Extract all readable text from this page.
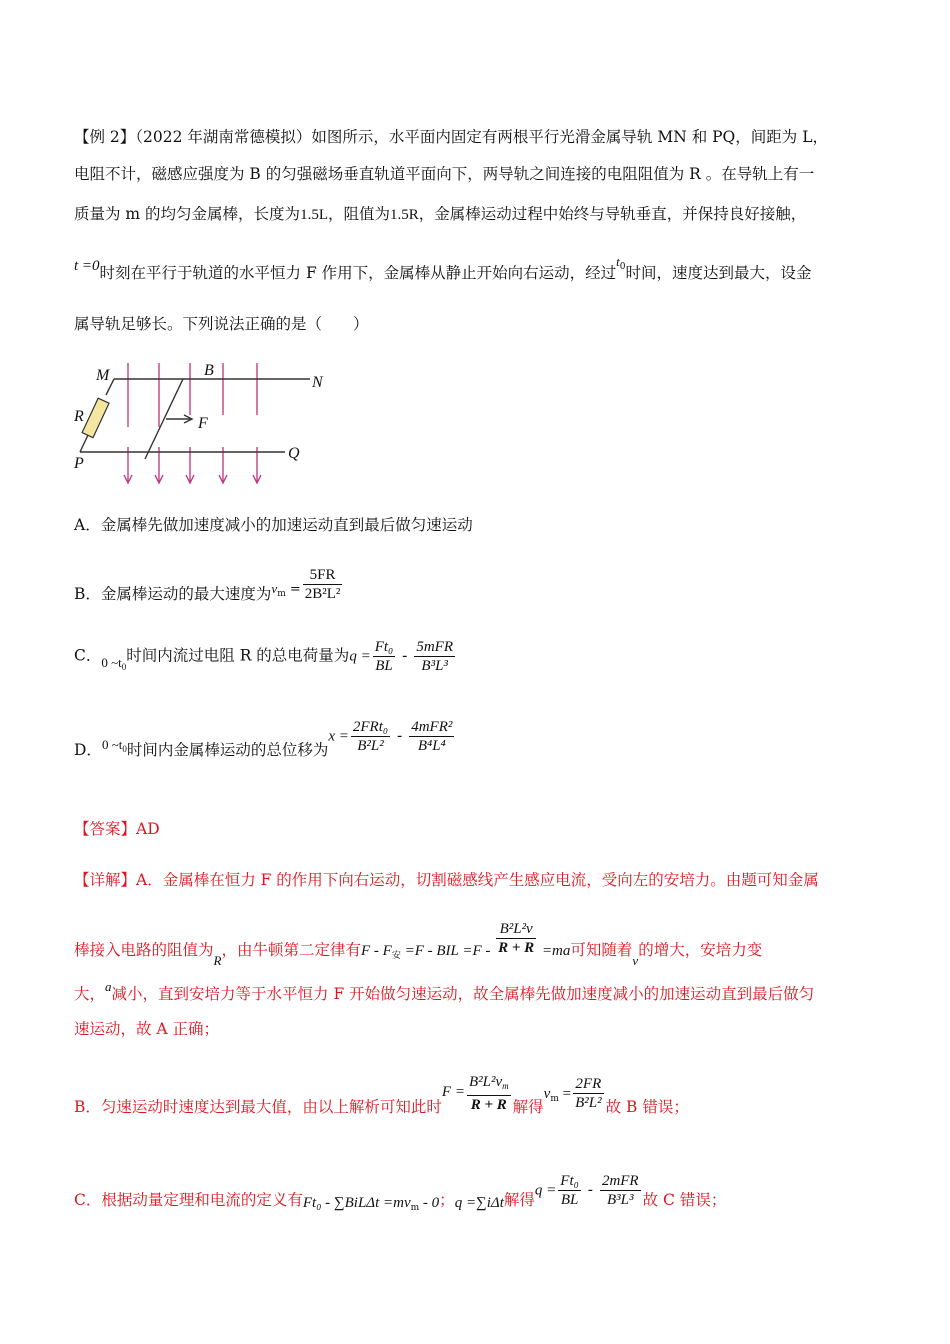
【例 2】（2022 年湖南常德模拟）如图所示，水平面内固定有两根平行光滑金属导轨 MN 和 PQ，间距为 L，
电阻不计，磁感应强度为 B 的匀强磁场垂直轨道平面向下，两导轨之间连接的电阻阻值为 R 。在导轨上有一
质量为 m 的均匀金属棒，长度为1.5L，阻值为1.5R，金属棒运动过程中始终与导轨垂直，并保持良好接触，
t =0时刻在平行于轨道的水平恒力 F 作用下，金属棒从静止开始向右运动，经过$^{t_0}$时间，速度达到最大，设金
属导轨足够长。下列说法正确的是（　　）
M	B
N
R	F
P
Q
A．金属棒先做加速度减小的加速运动直到最后做匀速运动
B．金属棒运动的最大速度为$_{v_m =} \frac{5FR}{\text{2B²L²}}$
C．$_{0 \sim t_0}$时间内流过电阻 R 的总电荷量为$q = \frac{\text{Ft₀}}{BL} - \frac{\text{5mFR}}{\text{B³L³}}$
D．$_{0 \sim t_0}$时间内金属棒运动的总位移为$x = \frac{\text{2FRt₀}}{\text{B²L²}} - \frac{\text{4mFR²}}{\text{B⁴L⁴}}$
【答案】AD
【详解】A．金属棒在恒力 F 的作用下向右运动，切割磁感线产生感应电流，受向左的安培力。由题可知金属
棒接入电路的阻值为$_R$，由牛顿第二定律有$F - F_安 =F$ - BIL $=F - \frac{\text{B²L²v}}{R + R} =ma$可知随着$_v$的增大，安培力变
大，$^a$减小，直到安培力等于水平恒力 F 开始做匀速运动，故全属棒先做加速度减小的加速运动直到最后做匀
速运动，故 A 正确；
B．匀速运动时速度达到最大值，由以上解析可知此时$F = \frac{B^2L^2v_m}{R + R}$ 解得$v_m = \frac{2FR}{\text{B²L²}}$ 故 B 错误；
C．根据动量定理和电流的定义有$Ft_0 - \sum BiL\Delta t =mv_m - 0$；q =∑iΔt解得$q = \frac{\text{Ft₀}}{BL} - \frac{\text{2mFR}}{\text{B³L³}}$ 故 C 错误；
